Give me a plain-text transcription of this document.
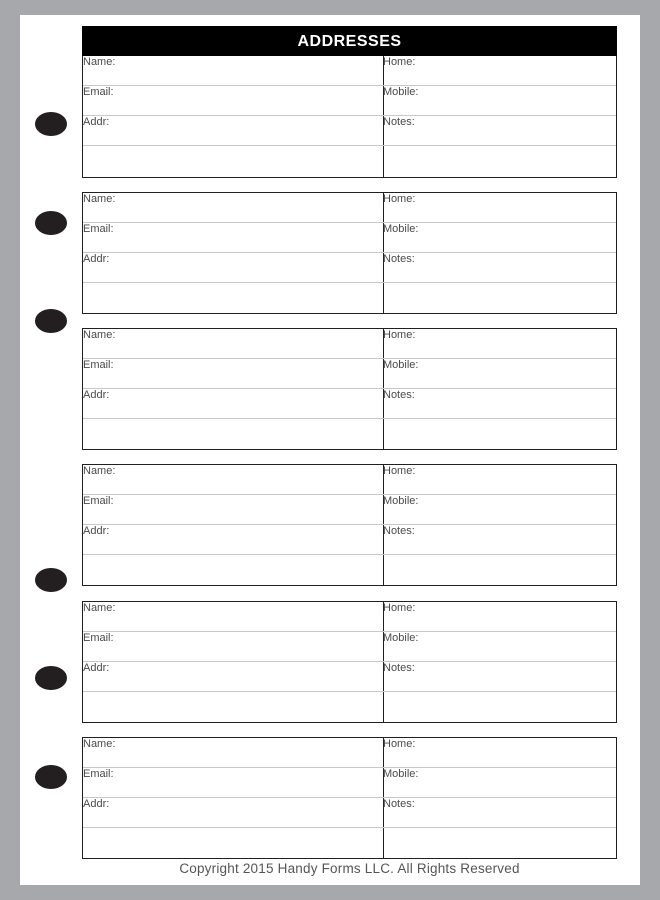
ADDRESSES
Name:	Home:
Email:	Mobile:
Addr:	Notes:
Name:	Home:
Email:	Mobile:
Addr:	Notes:
Name:	Home:
Email:	Mobile:
Addr:	Notes:
Name:	Home:
Email:	Mobile:
Addr:	Notes:
Name:	Home:
Email:	Mobile:
Addr:	Notes:
Name:	Home:
Email:	Mobile:
Addr:	Notes:
Copyright 2015 Handy Forms LLC. All Rights Reserved
